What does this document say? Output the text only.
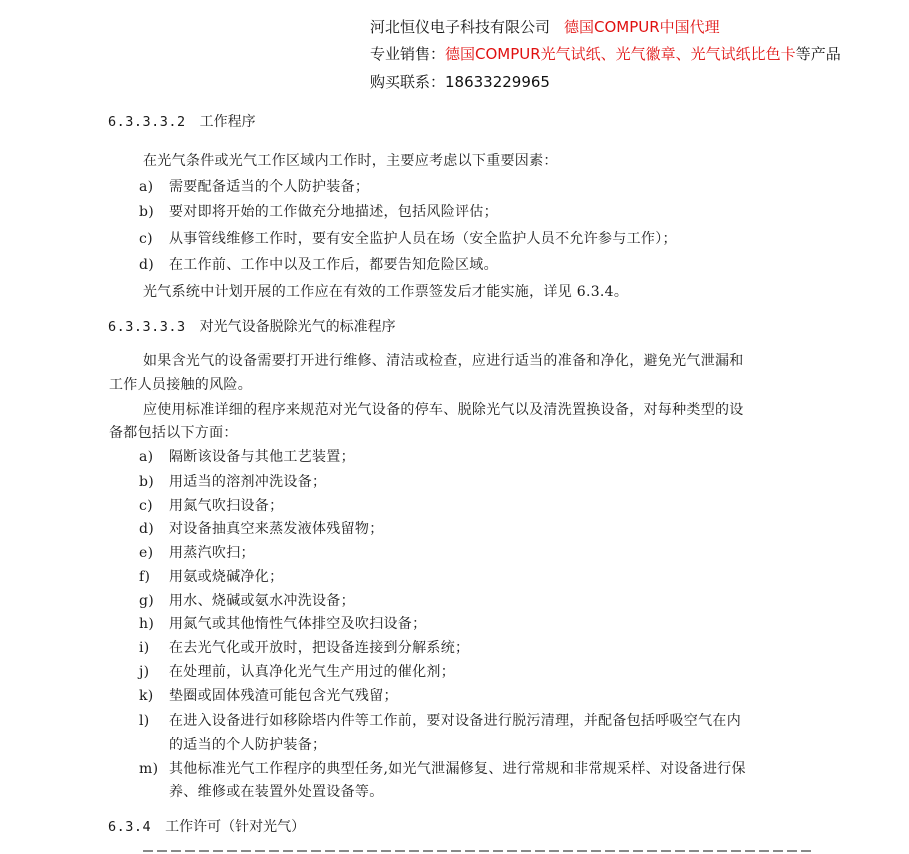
河北恒仪电子科技有限公司 德国COMPUR中国代理
专业销售：德国COMPUR光气试纸、光气徽章、光气试纸比色卡等产品
购买联系：18633229965
6.3.3.3.2 工作程序
在光气条件或光气工作区域内工作时，主要应考虑以下重要因素：
a) 需要配备适当的个人防护装备；
b) 要对即将开始的工作做充分地描述，包括风险评估；
c) 从事管线维修工作时，要有安全监护人员在场（安全监护人员不允许参与工作）；
d) 在工作前、工作中以及工作后，都要告知危险区域。
光气系统中计划开展的工作应在有效的工作票签发后才能实施，详见 6.3.4。
6.3.3.3.3 对光气设备脱除光气的标准程序
如果含光气的设备需要打开进行维修、清洁或检查，应进行适当的准备和净化，避免光气泄漏和
工作人员接触的风险。
应使用标准详细的程序来规范对光气设备的停车、脱除光气以及清洗置换设备，对每种类型的设
备都包括以下方面：
a) 隔断该设备与其他工艺装置；
b) 用适当的溶剂冲洗设备；
c) 用氮气吹扫设备；
d) 对设备抽真空来蒸发液体残留物；
e) 用蒸汽吹扫；
f) 用氨或烧碱净化；
g) 用水、烧碱或氨水冲洗设备；
h) 用氮气或其他惰性气体排空及吹扫设备；
i) 在去光气化或开放时，把设备连接到分解系统；
j) 在处理前，认真净化光气生产用过的催化剂；
k) 垫圈或固体残渣可能包含光气残留；
l) 在进入设备进行如移除塔内件等工作前，要对设备进行脱污清理，并配备包括呼吸空气在内
的适当的个人防护装备；
m) 其他标准光气工作程序的典型任务,如光气泄漏修复、进行常规和非常规采样、对设备进行保
养、维修或在装置外处置设备等。
6.3.4 工作许可（针对光气）
